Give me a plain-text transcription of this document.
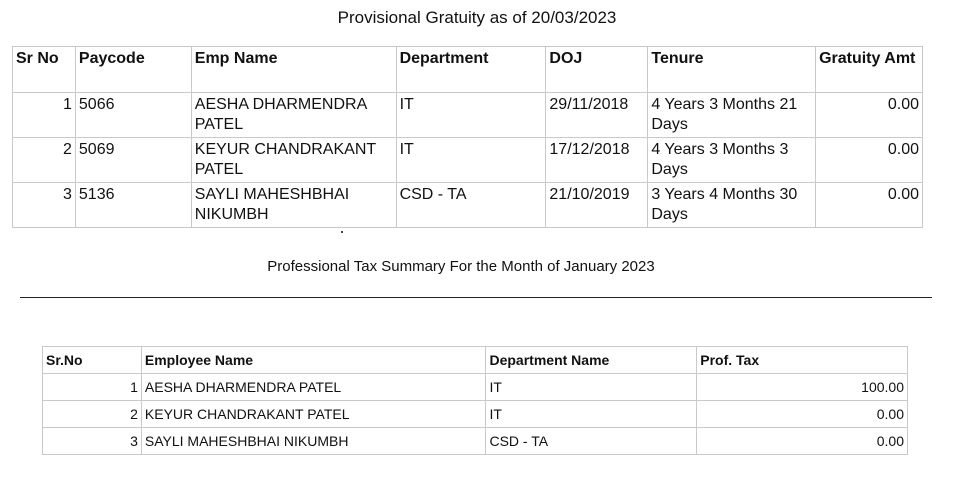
Provisional Gratuity as of 20/03/2023
Sr No	Paycode	Emp Name	Department	DOJ	Tenure	Gratuity Amt
1	5066	AESHA DHARMENDRA PATEL	IT	29/11/2018	4 Years 3 Months 21 Days	0.00
2	5069	KEYUR CHANDRAKANT PATEL	IT	17/12/2018	4 Years 3 Months 3 Days	0.00
3	5136	SAYLI MAHESHBHAI NIKUMBH	CSD - TA	21/10/2019	3 Years 4 Months 30 Days	0.00
Professional Tax Summary For the Month of January 2023
Sr.No	Employee Name	Department Name	Prof. Tax
1	AESHA DHARMENDRA PATEL	IT	100.00
2	KEYUR CHANDRAKANT PATEL	IT	0.00
3	SAYLI MAHESHBHAI NIKUMBH	CSD - TA	0.00
